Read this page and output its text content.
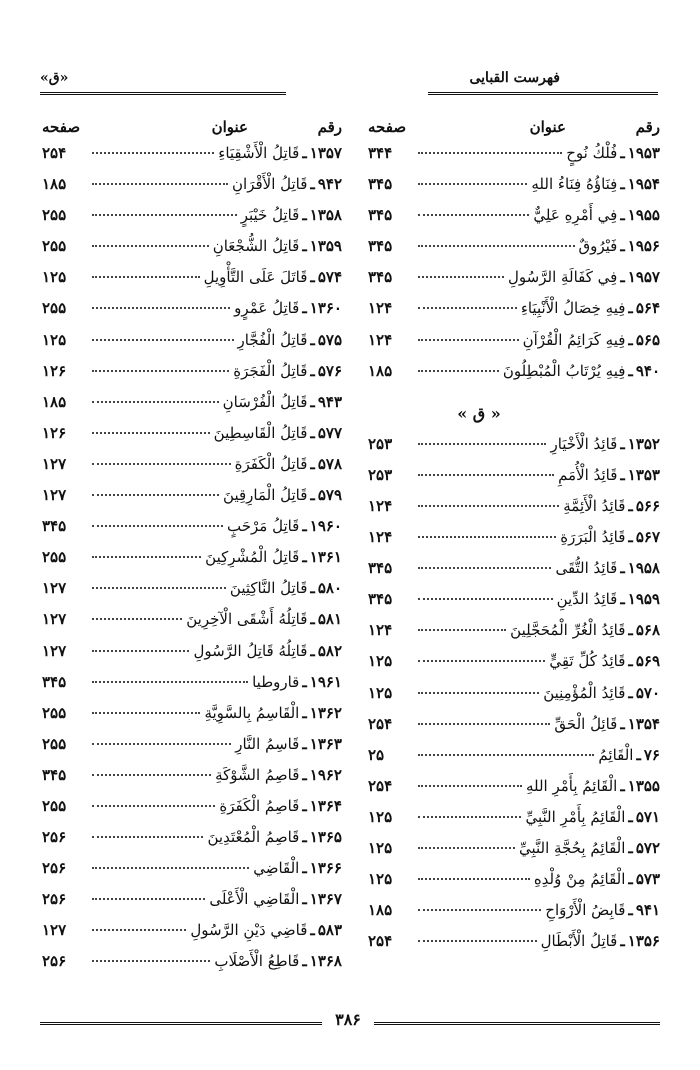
فهرست القبايی
«ق»
رقم
عنوان
صفحه
۱۹۵۳
ـ
فُلْكُ نُوحٍ
۳۴۴
۱۹۵۴
ـ
فِنَاؤُهُ فِنَاءُ اللهِ
۳۴۵
۱۹۵۵
ـ
فِي أَمْرِهِ عَلِيٌّ
۳۴۵
۱۹۵۶
ـ
فَيْرُوقٌ
۳۴۵
۱۹۵۷
ـ
فِي كَفَالَةِ الرَّسُولِ
۳۴۵
۵۶۴
ـ
فِيهِ خِصَالُ الْأَنْبِيَاءِ
۱۲۴
۵۶۵
ـ
فِيهِ كَرَائِمُ الْقُرْآنِ
۱۲۴
۹۴۰
ـ
فِيهِ يُرْتَابُ الْمُبْطِلُونَ
۱۸۵
« ق »
۱۳۵۲
ـ
قَائِدُ الْأَخْيَارِ
۲۵۳
۱۳۵۳
ـ
قَائِدُ الْأُمَمِ
۲۵۳
۵۶۶
ـ
قَائِدُ الْأَئِمَّةِ
۱۲۴
۵۶۷
ـ
قَائِدُ الْبَرَرَةِ
۱۲۴
۱۹۵۸
ـ
قَائِدُ التُّقَى
۳۴۵
۱۹۵۹
ـ
قَائِدُ الدِّينِ
۳۴۵
۵۶۸
ـ
قَائِدُ الْغُرِّ الْمُحَجَّلِينَ
۱۲۴
۵۶۹
ـ
قَائِدُ كُلِّ تَقِيٍّ
۱۲۵
۵۷۰
ـ
قَائِدُ الْمُؤْمِنِينَ
۱۲۵
۱۳۵۴
ـ
قَائِلُ الْحَقِّ
۲۵۴
۷۶
ـ
الْقَائِمُ
۲۵
۱۳۵۵
ـ
الْقَائِمُ بِأَمْرِ اللهِ
۲۵۴
۵۷۱
ـ
الْقَائِمُ بِأَمْرِ النَّبِيِّ
۱۲۵
۵۷۲
ـ
الْقَائِمُ بِحُجَّةِ النَّبِيِّ
۱۲۵
۵۷۳
ـ
الْقَائِمُ مِنْ وُلْدِهِ
۱۲۵
۹۴۱
ـ
قَابِضُ الْأَرْوَاحِ
۱۸۵
۱۳۵۶
ـ
قَاتِلُ الْأَبْطَالِ
۲۵۴
رقم
عنوان
صفحه
۱۳۵۷
ـ
قَاتِلُ الْأَشْقِيَاءِ
۲۵۴
۹۴۲
ـ
قَاتِلُ الْأَقْرَانِ
۱۸۵
۱۳۵۸
ـ
قَاتِلُ خَيْبَرٍ
۲۵۵
۱۳۵۹
ـ
قَاتِلُ الشُّجْعَانِ
۲۵۵
۵۷۴
ـ
قَاتَلَ عَلَى التَّأْوِيلِ
۱۲۵
۱۳۶۰
ـ
قَاتِلُ عَمْرٍو
۲۵۵
۵۷۵
ـ
قَاتِلُ الْفُجَّارِ
۱۲۵
۵۷۶
ـ
قَاتِلُ الْفَجَرَةِ
۱۲۶
۹۴۳
ـ
قَاتِلُ الْفُرْسَانِ
۱۸۵
۵۷۷
ـ
قَاتِلُ الْقَاسِطِينَ
۱۲۶
۵۷۸
ـ
قَاتِلُ الْكَفَرَةِ
۱۲۷
۵۷۹
ـ
قَاتِلُ الْمَارِقِينَ
۱۲۷
۱۹۶۰
ـ
قَاتِلُ مَرْحَبٍ
۳۴۵
۱۳۶۱
ـ
قَاتِلُ الْمُشْرِكِينَ
۲۵۵
۵۸۰
ـ
قَاتِلُ النَّاكِثِينَ
۱۲۷
۵۸۱
ـ
قَاتِلُهُ أَشْقَى الْآخِرِينَ
۱۲۷
۵۸۲
ـ
قَاتِلُهُ قَاتِلُ الرَّسُولِ
۱۲۷
۱۹۶۱
ـ
قاروطيا
۳۴۵
۱۳۶۲
ـ
الْقَاسِمُ بِالسَّوِيَّةِ
۲۵۵
۱۳۶۳
ـ
قَاسِمُ النَّارِ
۲۵۵
۱۹۶۲
ـ
قَاصِمُ الشَّوْكَةِ
۳۴۵
۱۳۶۴
ـ
قَاصِمُ الْكَفَرَةِ
۲۵۵
۱۳۶۵
ـ
قَاصِمُ الْمُعْتَدِينَ
۲۵۶
۱۳۶۶
ـ
الْقَاضِي
۲۵۶
۱۳۶۷
ـ
الْقَاضِي الْأَعْلَى
۲۵۶
۵۸۳
ـ
قَاضِي دَيْنِ الرَّسُولِ
۱۲۷
۱۳۶۸
ـ
قَاطِعُ الْأَصْلَابِ
۲۵۶
۳۸۶
